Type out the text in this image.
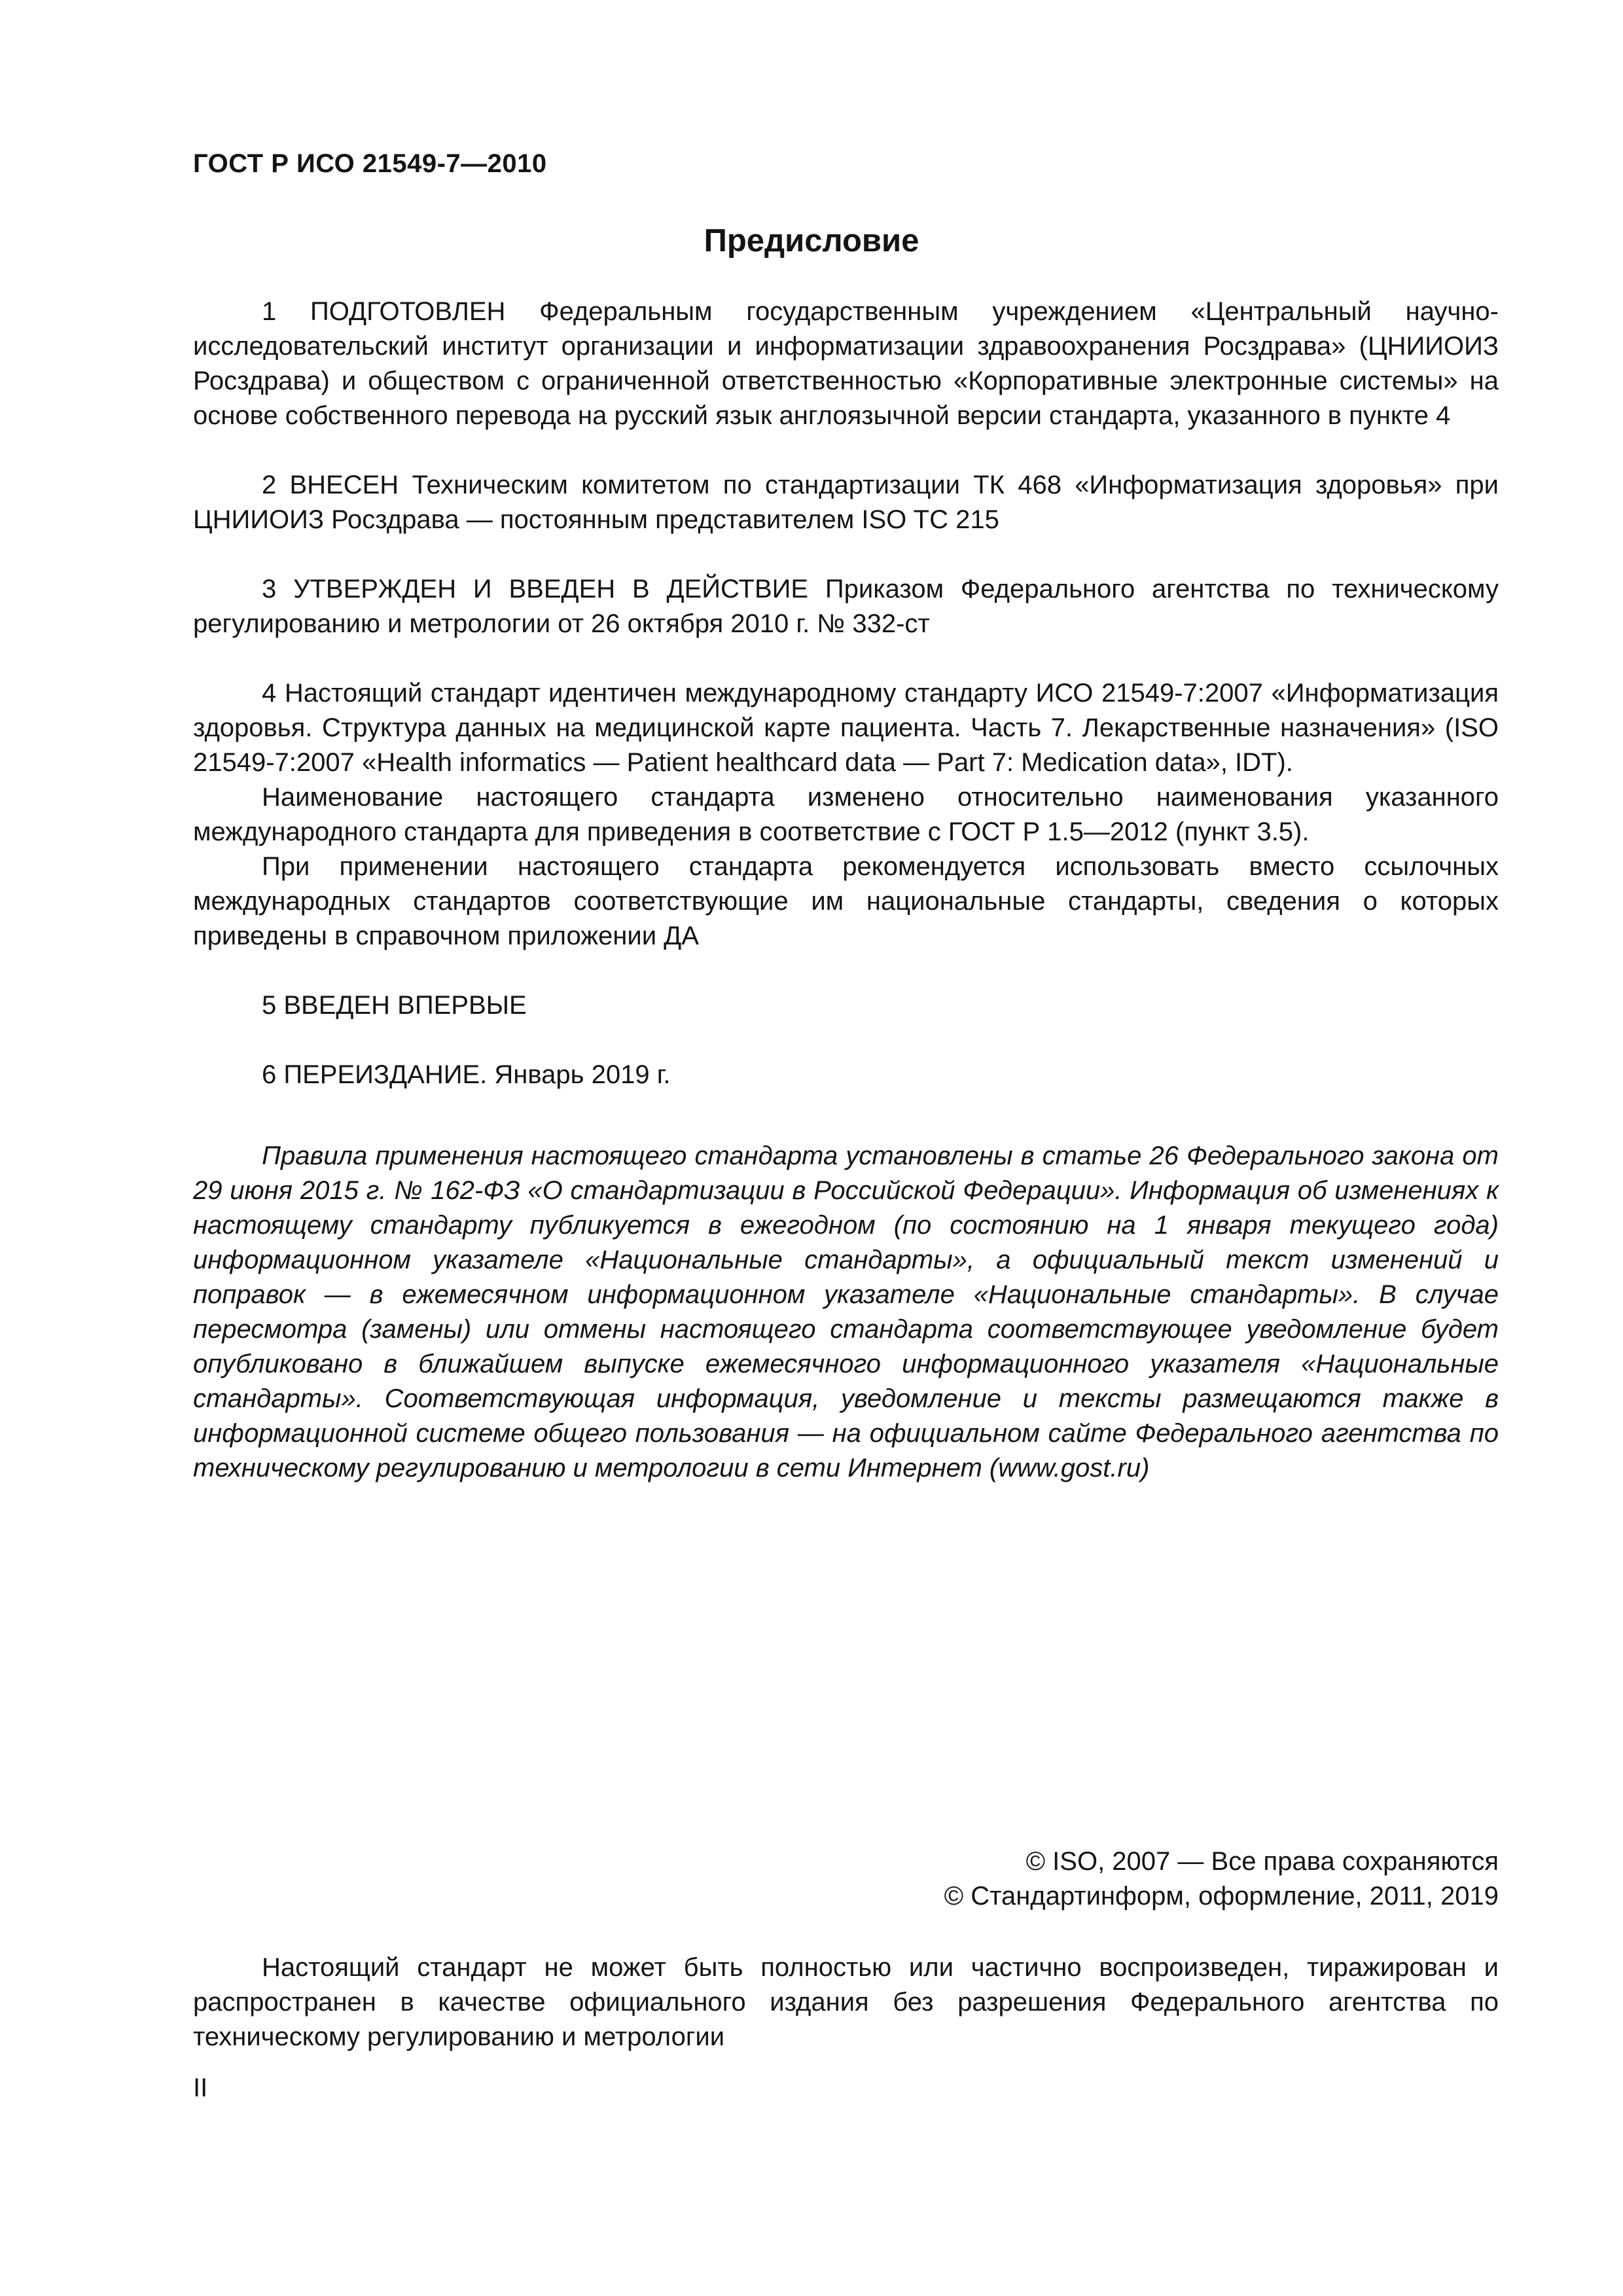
ГОСТ Р ИСО 21549-7—2010
Предисловие

1 ПОДГОТОВЛЕН Федеральным государственным учреждением «Центральный научно-исследовательский институт организации и информатизации здравоохранения Росздрава» (ЦНИИОИЗ Росздрава) и обществом с ограниченной ответственностью «Корпоративные электронные системы» на основе собственного перевода на русский язык англоязычной версии стандарта, указанного в пункте 4

2 ВНЕСЕН Техническим комитетом по стандартизации ТК 468 «Информатизация здоровья» при ЦНИИОИЗ Росздрава — постоянным представителем ISO TC 215

3 УТВЕРЖДЕН И ВВЕДЕН В ДЕЙСТВИЕ Приказом Федерального агентства по техническому регулированию и метрологии от 26 октября 2010 г. № 332-ст

4 Настоящий стандарт идентичен международному стандарту ИСО 21549-7:2007 «Информатизация здоровья. Структура данных на медицинской карте пациента. Часть 7. Лекарственные назначения» (ISO 21549-7:2007 «Health informatics — Patient healthcard data — Part 7: Medication data», IDT).

Наименование настоящего стандарта изменено относительно наименования указанного международного стандарта для приведения в соответствие с ГОСТ Р 1.5—2012 (пункт 3.5).

При применении настоящего стандарта рекомендуется использовать вместо ссылочных международных стандартов соответствующие им национальные стандарты, сведения о которых приведены в справочном приложении ДА

5 ВВЕДЕН ВПЕРВЫЕ

6 ПЕРЕИЗДАНИЕ. Январь 2019 г.

Правила применения настоящего стандарта установлены в статье 26 Федерального закона от 29 июня 2015 г. № 162-ФЗ «О стандартизации в Российской Федерации». Информация об изменениях к настоящему стандарту публикуется в ежегодном (по состоянию на 1 января текущего года) информационном указателе «Национальные стандарты», а официальный текст изменений и поправок — в ежемесячном информационном указателе «Национальные стандарты». В случае пересмотра (замены) или отмены настоящего стандарта соответствующее уведомление будет опубликовано в ближайшем выпуске ежемесячного информационного указателя «Национальные стандарты». Соответствующая информация, уведомление и тексты размещаются также в информационной системе общего пользования — на официальном сайте Федерального агентства по техническому регулированию и метрологии в сети Интернет (www.gost.ru)

© ISO, 2007 — Все права сохраняются
© Стандартинформ, оформление, 2011, 2019

Настоящий стандарт не может быть полностью или частично воспроизведен, тиражирован и распространен в качестве официального издания без разрешения Федерального агентства по техническому регулированию и метрологии

II
